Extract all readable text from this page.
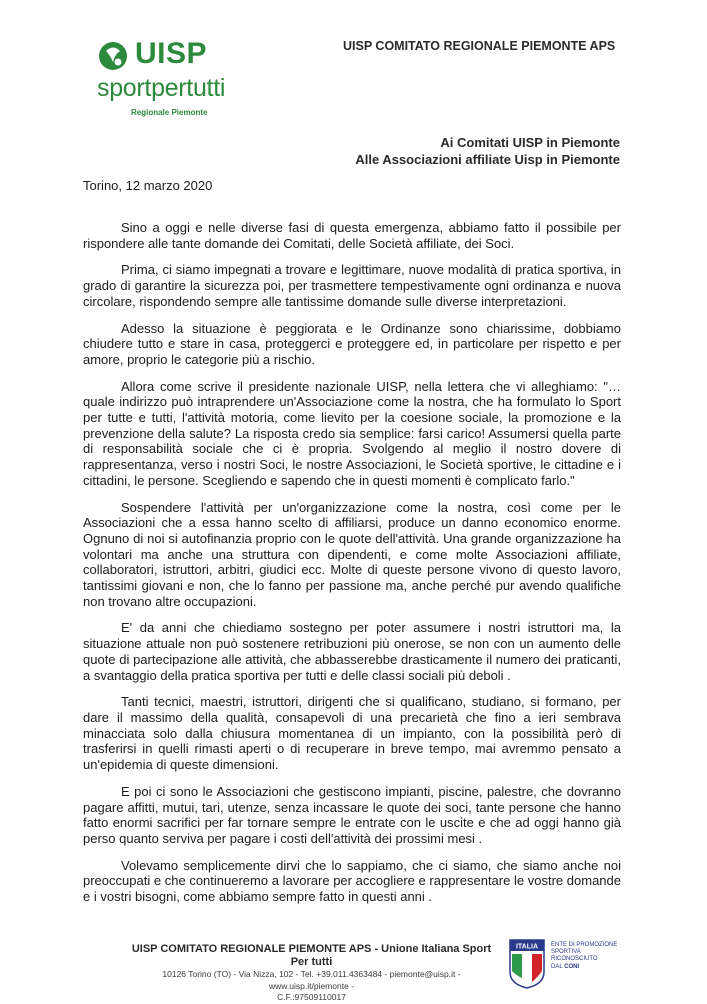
UISP
sportpertutti
Regionale Piemonte
UISP COMITATO REGIONALE PIEMONTE APS
Ai Comitati UISP in Piemonte
Alle Associazioni affiliate Uisp in Piemonte
Torino, 12 marzo 2020

Sino a oggi e nelle diverse fasi di questa emergenza, abbiamo fatto il possibile per rispondere alle tante domande dei Comitati, delle Società affiliate, dei Soci.

Prima, ci siamo impegnati a trovare e legittimare, nuove modalità di pratica sportiva, in grado di garantire la sicurezza poi, per trasmettere tempestivamente ogni ordinanza e nuova circolare, rispondendo sempre alle tantissime domande sulle diverse interpretazioni.

Adesso la situazione è peggiorata e le Ordinanze sono chiarissime, dobbiamo chiudere tutto e stare in casa, proteggerci e proteggere ed, in particolare per rispetto e per amore, proprio le categorie più a rischio.

Allora come scrive il presidente nazionale UISP, nella lettera che vi alleghiamo: "… quale indirizzo può intraprendere un'Associazione come la nostra, che ha formulato lo Sport per tutte e tutti, l'attività motoria, come lievito per la coesione sociale, la promozione e la prevenzione della salute? La risposta credo sia semplice: farsi carico! Assumersi quella parte di responsabilità sociale che ci è propria. Svolgendo al meglio il nostro dovere di rappresentanza, verso i nostri Soci, le nostre Associazioni, le Società sportive, le cittadine e i cittadini, le persone. Scegliendo e sapendo che in questi momenti è complicato farlo."

Sospendere l'attività per un'organizzazione come la nostra, così come per le Associazioni che a essa hanno scelto di affiliarsi, produce un danno economico enorme. Ognuno di noi si autofinanzia proprio con le quote dell'attività. Una grande organizzazione ha volontari ma anche una struttura con dipendenti, e come molte Associazioni affiliate, collaboratori, istruttori, arbitri, giudici ecc. Molte di queste persone vivono di questo lavoro, tantissimi giovani e non, che lo fanno per passione ma, anche perché pur avendo qualifiche non trovano altre occupazioni.

E' da anni che chiediamo sostegno per poter assumere i nostri istruttori ma, la situazione attuale non può sostenere retribuzioni più onerose, se non con un aumento delle quote di partecipazione alle attività, che abbasserebbe drasticamente il numero dei praticanti, a svantaggio della pratica sportiva per tutti e delle classi sociali più deboli .

Tanti tecnici, maestri, istruttori, dirigenti che si qualificano, studiano, si formano, per dare il massimo della qualità, consapevoli di una precarietà che fino a ieri sembrava minacciata solo dalla chiusura momentanea di un impianto, con la possibilità però di trasferirsi in quelli rimasti aperti o di recuperare in breve tempo, mai avremmo pensato a un'epidemia di queste dimensioni.

E poi ci sono le Associazioni che gestiscono impianti, piscine, palestre, che dovranno pagare affitti, mutui, tari, utenze, senza incassare le quote dei soci, tante persone che hanno fatto enormi sacrifici per far tornare sempre le entrate con le uscite e che ad oggi hanno già perso quanto serviva per pagare i costi dell'attività dei prossimi mesi .

Volevamo semplicemente dirvi che lo sappiamo, che ci siamo, che siamo anche noi preoccupati e che continueremo a lavorare per accogliere e rappresentare le vostre domande e i vostri bisogni, come abbiamo sempre fatto in questi anni .

UISP COMITATO REGIONALE PIEMONTE APS - Unione Italiana Sport Per tutti
10126 Torino (TO) - Via Nizza, 102 - Tel. +39.011.4363484 - piemonte@uisp.it - www.uisp.it/piemonte -
C.F.:97509110017
ITALIA ENTE DI PROMOZIONE
SPORTIVA
RICONOSCIUTO
DAL CONI
